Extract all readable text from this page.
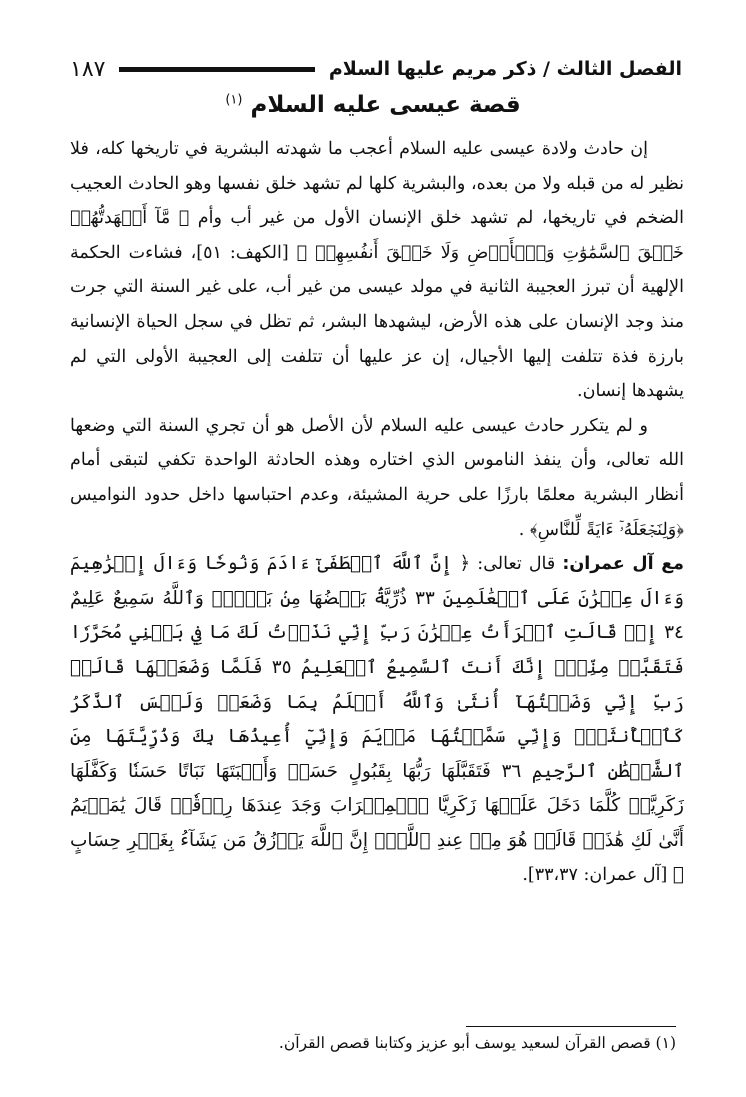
الفصل الثالث / ذكر مريم عليها السلام
١٨٧
قصة عيسى عليه السلام $^{(١)}$

إن حادث ولادة عيسى عليه السلام أعجب ما شهدته البشرية في تاريخها كله، فلا نظير له من قبله ولا من بعده، والبشرية كلها لم تشهد خلق نفسها وهو الحادث العجيب الضخم في تاريخها، لم تشهد خلق الإنسان الأول من غير أب وأم ﴿ مَّآ أَشۡهَدتُّهُمۡ خَلۡقَ ٱلسَّمَٰوَٰتِ وَٱلۡأَرۡضِ وَلَا خَلۡقَ أَنفُسِهِمۡ ﴾ [الكهف: ٥١]، فشاءت الحكمة الإلهية أن تبرز العجيبة الثانية في مولد عيسى من غير أب، على غير السنة التي جرت منذ وجد الإنسان على هذه الأرض، ليشهدها البشر، ثم تظل في سجل الحياة الإنسانية بارزة فذة تتلفت إليها الأجيال، إن عز عليها أن تتلفت إلى العجيبة الأولى التي لم يشهدها إنسان.

و لم يتكرر حادث عيسى عليه السلام لأن الأصل هو أن تجري السنة التي وضعها الله تعالى، وأن ينفذ الناموس الذي اختاره وهذه الحادثة الواحدة تكفي لتبقى أمام أنظار البشرية معلمًا بارزًا على حرية المشيئة، وعدم احتباسها داخل حدود النواميس ﴿وَلِنَجۡعَلَهُۥٓ ءَايَةً لِّلنَّاسِ﴾ .

مع آل عمران: قال تعالى: ﴿ إِنَّ ٱللَّهَ ٱصۡطَفَىٰٓ ءَادَمَ وَنُوحٗا وَءَالَ إِبۡرَٰهِيمَ وَءَالَ عِمۡرَٰنَ عَلَى ٱلۡعَٰلَمِينَ ٣٣ ذُرِّيَّةَۢ بَعۡضُهَا مِنۢ بَعۡضٖۗ وَٱللَّهُ سَمِيعٌ عَلِيمٌ ٣٤ إِذۡ قَالَتِ ٱمۡرَأَتُ عِمۡرَٰنَ رَبِّ إِنِّي نَذَرۡتُ لَكَ مَا فِي بَطۡنِي مُحَرَّرٗا فَتَقَبَّلۡ مِنِّيٓۖ إِنَّكَ أَنتَ ٱلسَّمِيعُ ٱلۡعَلِيمُ ٣٥ فَلَمَّا وَضَعَتۡهَا قَالَتۡ رَبِّ إِنِّي وَضَعۡتُهَآ أُنثَىٰ وَٱللَّهُ أَعۡلَمُ بِمَا وَضَعَتۡ وَلَيۡسَ ٱلذَّكَرُ كَٱلۡأُنثَىٰۖ وَإِنِّي سَمَّيۡتُهَا مَرۡيَمَ وَإِنِّيٓ أُعِيذُهَا بِكَ وَذُرِّيَّتَهَا مِنَ ٱلشَّيۡطَٰنِ ٱلرَّجِيمِ ٣٦ فَتَقَبَّلَهَا رَبُّهَا بِقَبُولٍ حَسَنٖ وَأَنۢبَتَهَا نَبَاتًا حَسَنٗا وَكَفَّلَهَا زَكَرِيَّاۖ كُلَّمَا دَخَلَ عَلَيۡهَا زَكَرِيَّا ٱلۡمِحۡرَابَ وَجَدَ عِندَهَا رِزۡقٗاۖ قَالَ يَٰمَرۡيَمُ أَنَّىٰ لَكِ هَٰذَاۖ قَالَتۡ هُوَ مِنۡ عِندِ ٱللَّهِۖ إِنَّ ٱللَّهَ يَرۡزُقُ مَن يَشَآءُ بِغَيۡرِ حِسَابٍ ﴾ [آل عمران: ٣٣،٣٧].

(١) قصص القرآن لسعيد يوسف أبو عزيز وكتابنا قصص القرآن.
